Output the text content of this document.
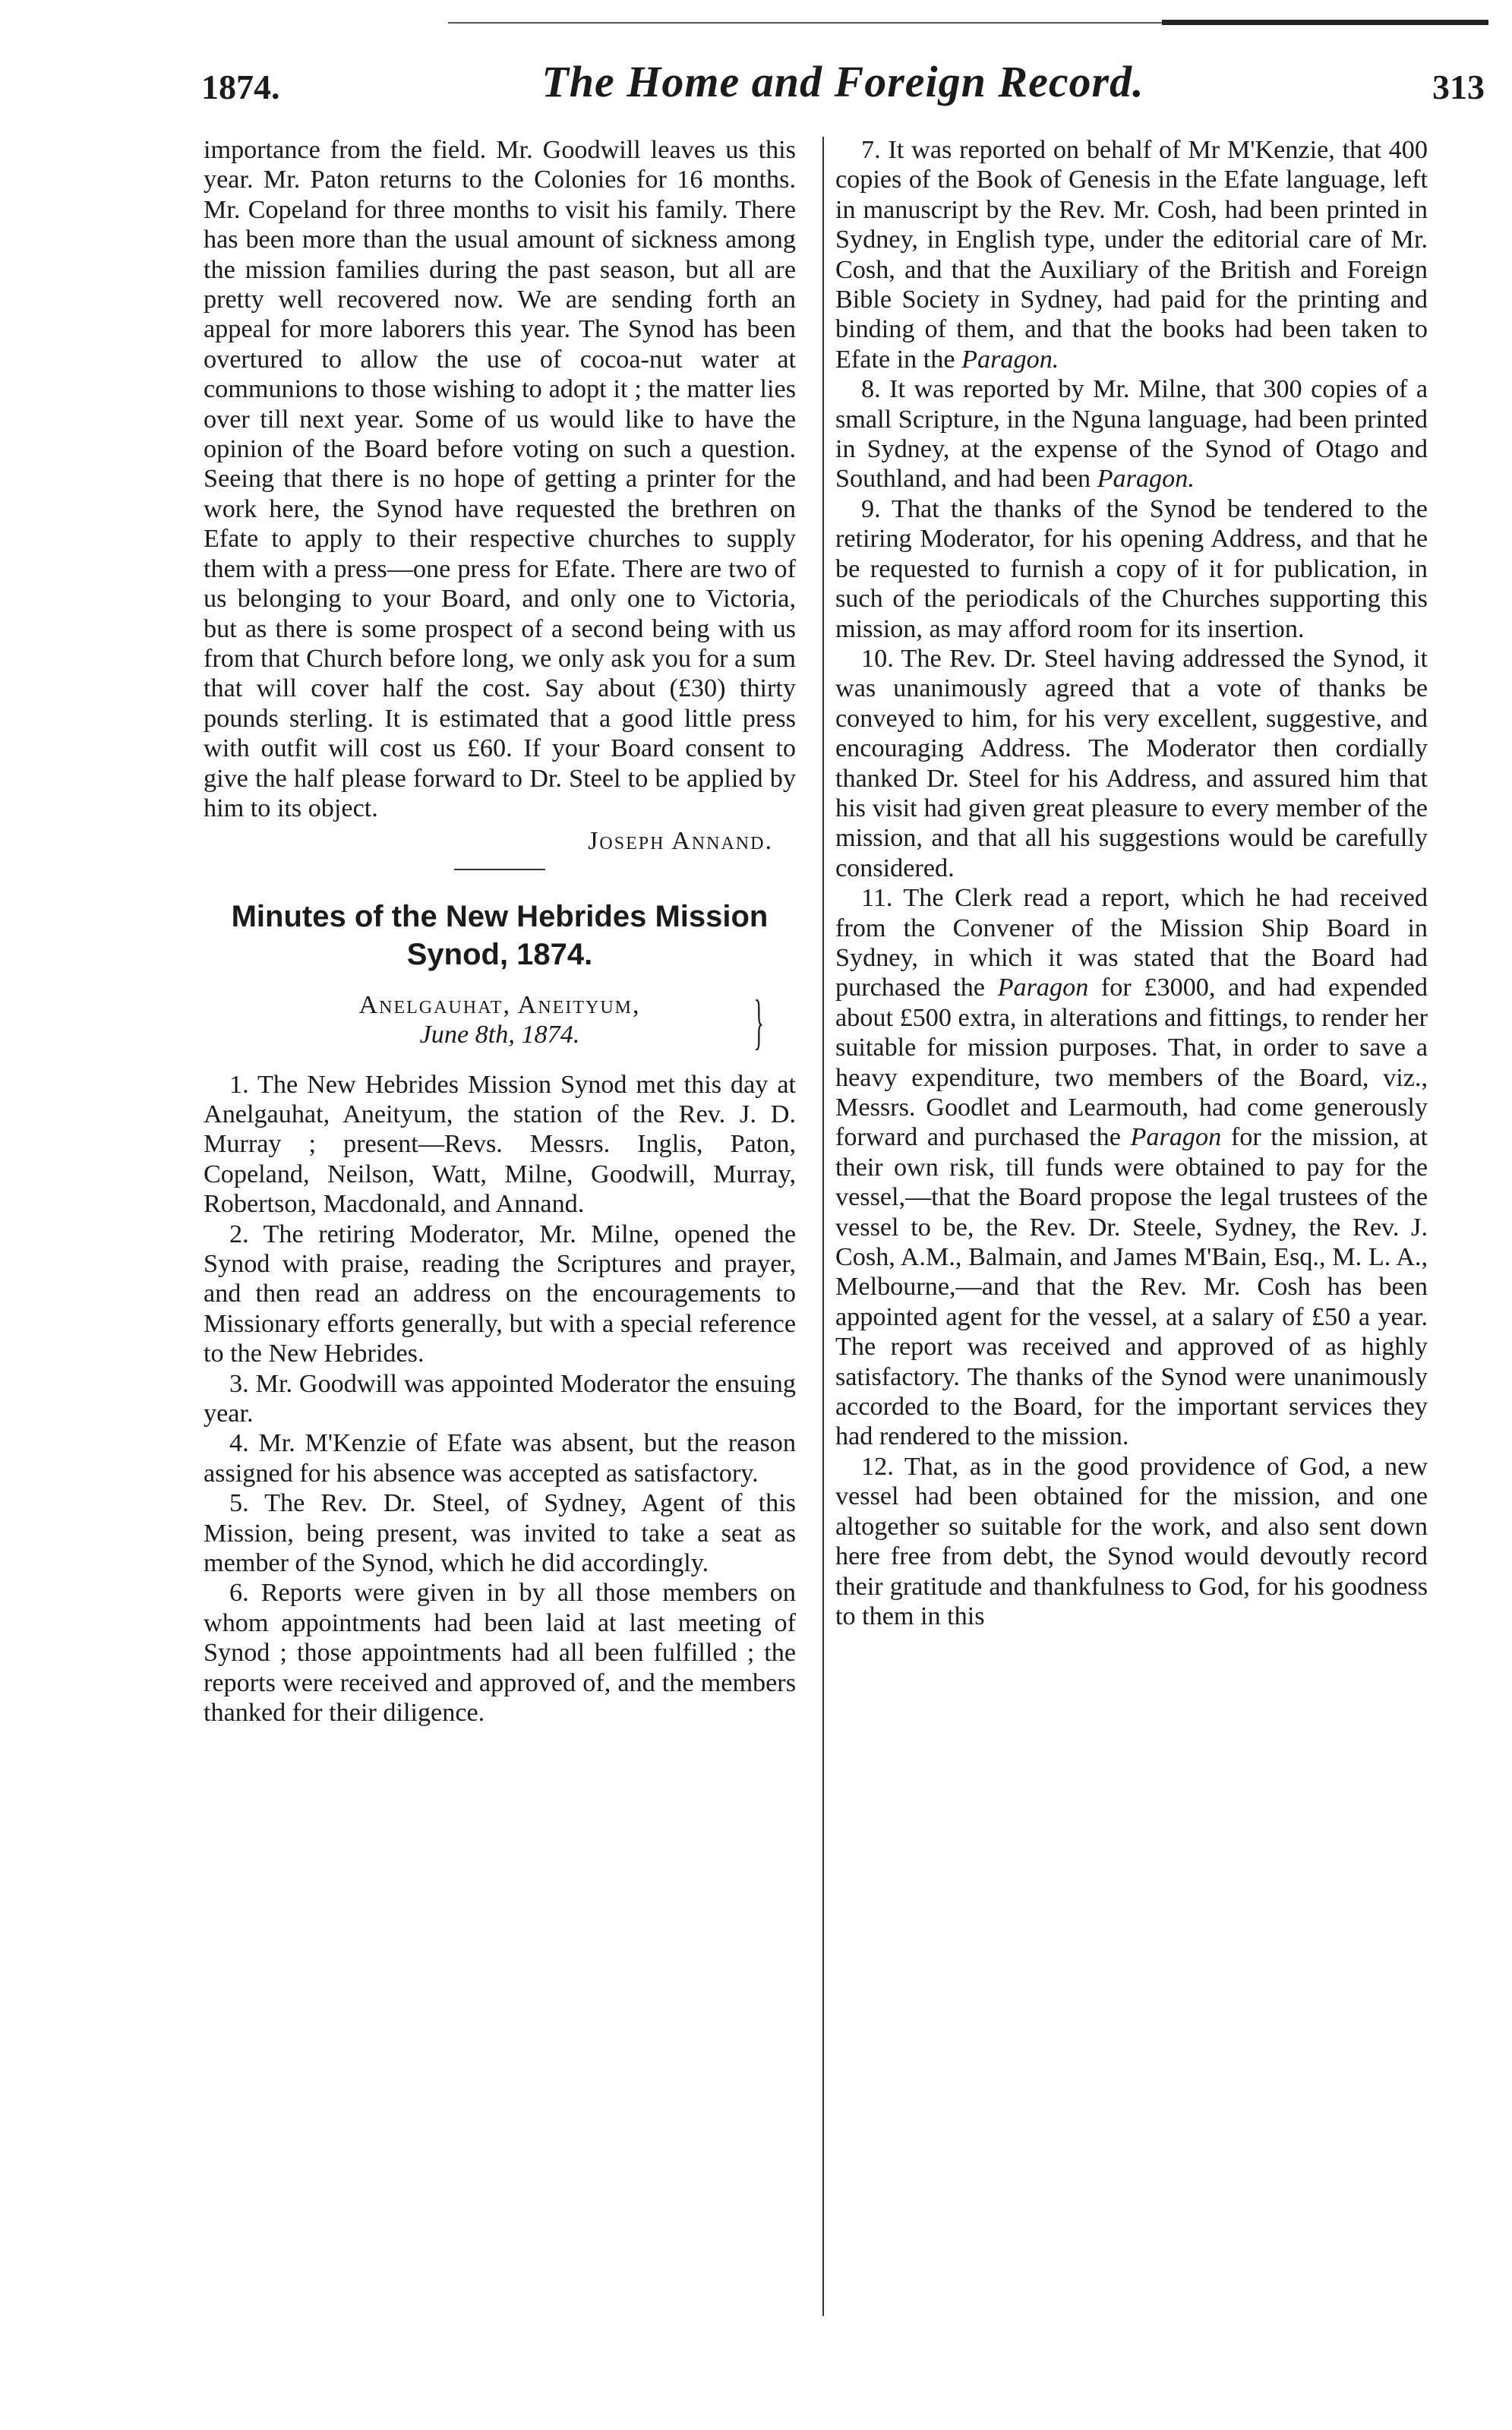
1874.	The Home and Foreign Record.	313

importance from the field. Mr. Goodwill leaves us this year. Mr. Paton returns to the Colonies for 16 months. Mr. Copeland for three months to visit his family. There has been more than the usual amount of sickness among the mission families during the past season, but all are pretty well recovered now. We are sending forth an appeal for more laborers this year. The Synod has been overtured to allow the use of cocoa-nut water at communions to those wishing to adopt it ; the matter lies over till next year. Some of us would like to have the opinion of the Board before voting on such a question. Seeing that there is no hope of getting a printer for the work here, the Synod have requested the brethren on Efate to apply to their respective churches to supply them with a press—one press for Efate. There are two of us belonging to your Board, and only one to Victoria, but as there is some prospect of a second being with us from that Church before long, we only ask you for a sum that will cover half the cost. Say about (£30) thirty pounds sterling. It is estimated that a good little press with outfit will cost us £60. If your Board consent to give the half please forward to Dr. Steel to be applied by him to its object.

Joseph Annand.

Minutes of the New Hebrides Mission Synod, 1874.

Anelgauhat, Aneityum,
June 8th, 1874.	}

1. The New Hebrides Mission Synod met this day at Anelgauhat, Aneityum, the station of the Rev. J. D. Murray ; present—Revs. Messrs. Inglis, Paton, Copeland, Neilson, Watt, Milne, Goodwill, Murray, Robertson, Macdonald, and Annand.

2. The retiring Moderator, Mr. Milne, opened the Synod with praise, reading the Scriptures and prayer, and then read an address on the encouragements to Missionary efforts generally, but with a special reference to the New Hebrides.

3. Mr. Goodwill was appointed Moderator the ensuing year.

4. Mr. M'Kenzie of Efate was absent, but the reason assigned for his absence was accepted as satisfactory.

5. The Rev. Dr. Steel, of Sydney, Agent of this Mission, being present, was invited to take a seat as member of the Synod, which he did accordingly.

6. Reports were given in by all those members on whom appointments had been laid at last meeting of Synod ; those appointments had all been fulfilled ; the reports were received and approved of, and the members thanked for their diligence.

7. It was reported on behalf of Mr M'Kenzie, that 400 copies of the Book of Genesis in the Efate language, left in manuscript by the Rev. Mr. Cosh, had been printed in Sydney, in English type, under the editorial care of Mr. Cosh, and that the Auxiliary of the British and Foreign Bible Society in Sydney, had paid for the printing and binding of them, and that the books had been taken to Efate in the Paragon.

8. It was reported by Mr. Milne, that 300 copies of a small Scripture, in the Nguna language, had been printed in Sydney, at the expense of the Synod of Otago and Southland, and had been Paragon.

9. That the thanks of the Synod be tendered to the retiring Moderator, for his opening Address, and that he be requested to furnish a copy of it for publication, in such of the periodicals of the Churches supporting this mission, as may afford room for its insertion.

10. The Rev. Dr. Steel having addressed the Synod, it was unanimously agreed that a vote of thanks be conveyed to him, for his very excellent, suggestive, and encouraging Address. The Moderator then cordially thanked Dr. Steel for his Address, and assured him that his visit had given great pleasure to every member of the mission, and that all his suggestions would be carefully considered.

11. The Clerk read a report, which he had received from the Convener of the Mission Ship Board in Sydney, in which it was stated that the Board had purchased the Paragon for £3000, and had expended about £500 extra, in alterations and fittings, to render her suitable for mission purposes. That, in order to save a heavy expenditure, two members of the Board, viz., Messrs. Goodlet and Learmouth, had come generously forward and purchased the Paragon for the mission, at their own risk, till funds were obtained to pay for the vessel,—that the Board propose the legal trustees of the vessel to be, the Rev. Dr. Steele, Sydney, the Rev. J. Cosh, A.M., Balmain, and James M'Bain, Esq., M. L. A., Melbourne,—and that the Rev. Mr. Cosh has been appointed agent for the vessel, at a salary of £50 a year. The report was received and approved of as highly satisfactory. The thanks of the Synod were unanimously accorded to the Board, for the important services they had rendered to the mission.

12. That, as in the good providence of God, a new vessel had been obtained for the mission, and one altogether so suitable for the work, and also sent down here free from debt, the Synod would devoutly record their gratitude and thankfulness to God, for his goodness to them in this
